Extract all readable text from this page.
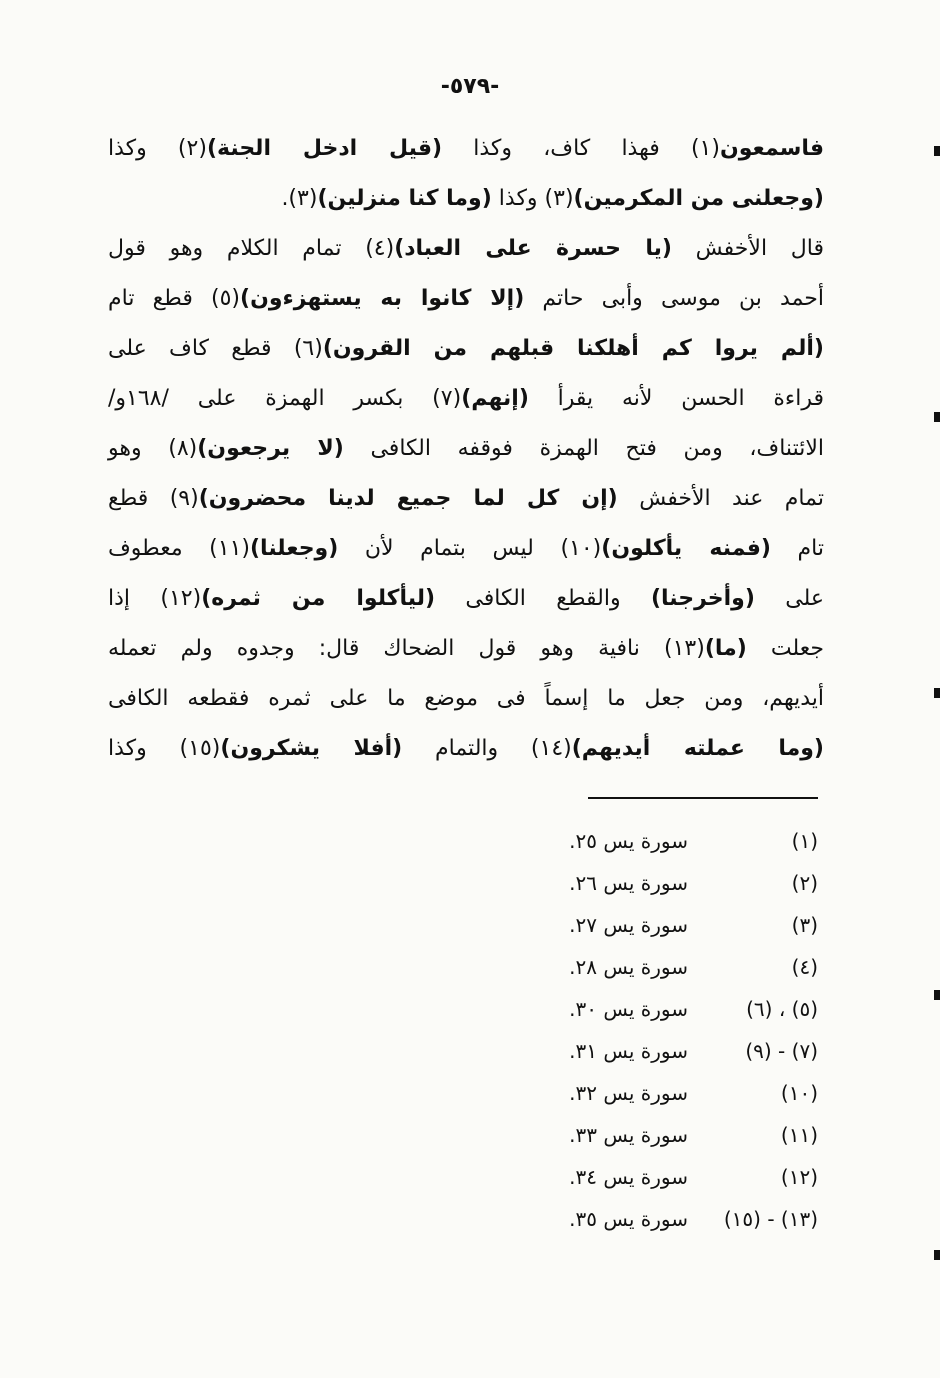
-٥٧٩-
فاسمعون(١) فهذا كاف، وكذا (قيل ادخل الجنة)(٢) وكذا
(وجعلنى من المكرمين)(٣) وكذا (وما كنا منزلين)(٣).
قال الأخفش (يا حسرة على العباد)(٤) تمام الكلام وهو قول
أحمد بن موسى وأبى حاتم (إلا كانوا به يستهزءون)(٥) قطع تام
(ألم يروا كم أهلكنا قبلهم من القرون)(٦) قطع كاف على
قراءة الحسن لأنه يقرأ (إنهم)(٧) بكسر الهمزة على /١٦٨و/
الائتناف، ومن فتح الهمزة فوقفه الكافى (لا يرجعون)(٨) وهو
تمام عند الأخفش (إن كل لما جميع لدينا محضرون)(٩) قطع
تام (فمنه يأكلون)(١٠) ليس بتمام لأن (وجعلنا)(١١) معطوف
على (وأخرجنا) والقطع الكافى (ليأكلوا من ثمره)(١٢) إذا
جعلت (ما)(١٣) نافية وهو قول الضحاك قال: وجدوه ولم تعمله
أيديهم، ومن جعل ما إسماً فى موضع ما على ثمره فقطعه الكافى
(وما عملته أيديهم)(١٤) والتمام (أفلا يشكرون)(١٥) وكذا
(١)سورة يس ٢٥.
(٢)سورة يس ٢٦.
(٣)سورة يس ٢٧.
(٤)سورة يس ٢٨.
(٥) ، (٦)سورة يس ٣٠.
(٧) - (٩)سورة يس ٣١.
(١٠)سورة يس ٣٢.
(١١)سورة يس ٣٣.
(١٢)سورة يس ٣٤.
(١٣) - (١٥)سورة يس ٣٥.
